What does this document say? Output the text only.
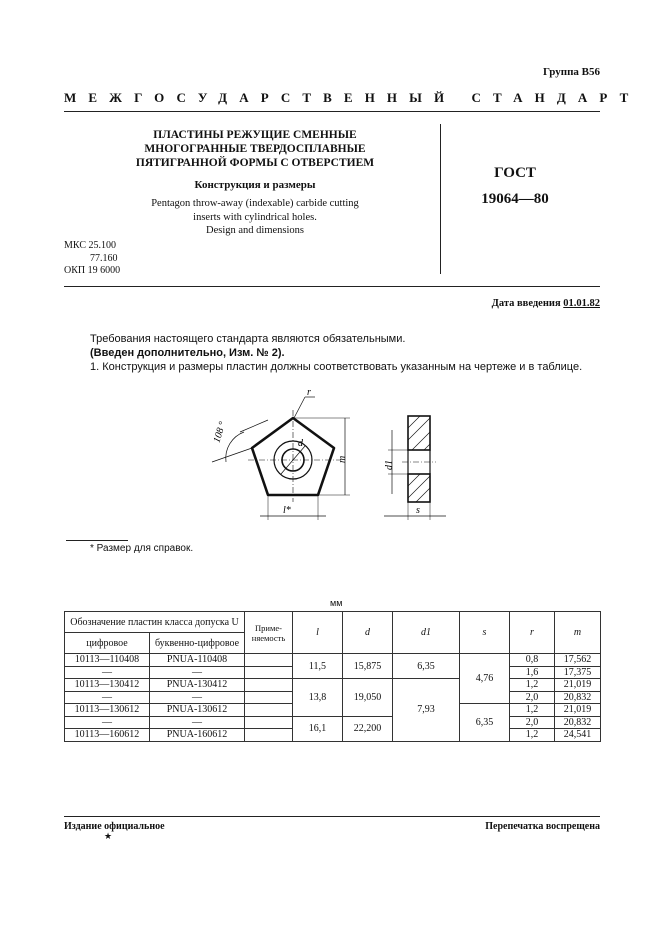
Группа В56
МЕЖГОСУДАРСТВЕННЫЙ СТАНДАРТ
ПЛАСТИНЫ РЕЖУЩИЕ СМЕННЫЕ
МНОГОГРАННЫЕ ТВЕРДОСПЛАВНЫЕ
ПЯТИГРАННОЙ ФОРМЫ С ОТВЕРСТИЕМ
Конструкция и размеры
Pentagon throw-away (indexable) carbide cutting
inserts with cylindrical holes.
Design and dimensions
ГОСТ
19064—80
МКС 25.100
77.160
ОКП 19 6000
Дата введения 01.01.82
Требования настоящего стандарта являются обязательными.
(Введен дополнительно, Изм. № 2).
1. Конструкция и размеры пластин должны соответствовать указанным на чертеже и в таблице.
d
r
108 °
m
l*
d1
s
* Размер для справок.
мм
Обозначение пластин класса допуска U		Приме-
няемость	l	d	d1	s	r	m
цифровое	буквенно-цифровое							
10113—110408	PNUA-110408		11,5	15,875	6,35	4,76	0,8	17,562
—	—						1,6	17,375
10113—130412	PNUA-130412		13,8	19,050	7,93		1,2	21,019
—	—						2,0	20,832
10113—130612	PNUA-130612					6,35	1,2	21,019
—	—		16,1	22,200			2,0	20,832
10113—160612	PNUA-160612						1,2	24,541
Издание официальное	Перепечатка воспрещена
★
